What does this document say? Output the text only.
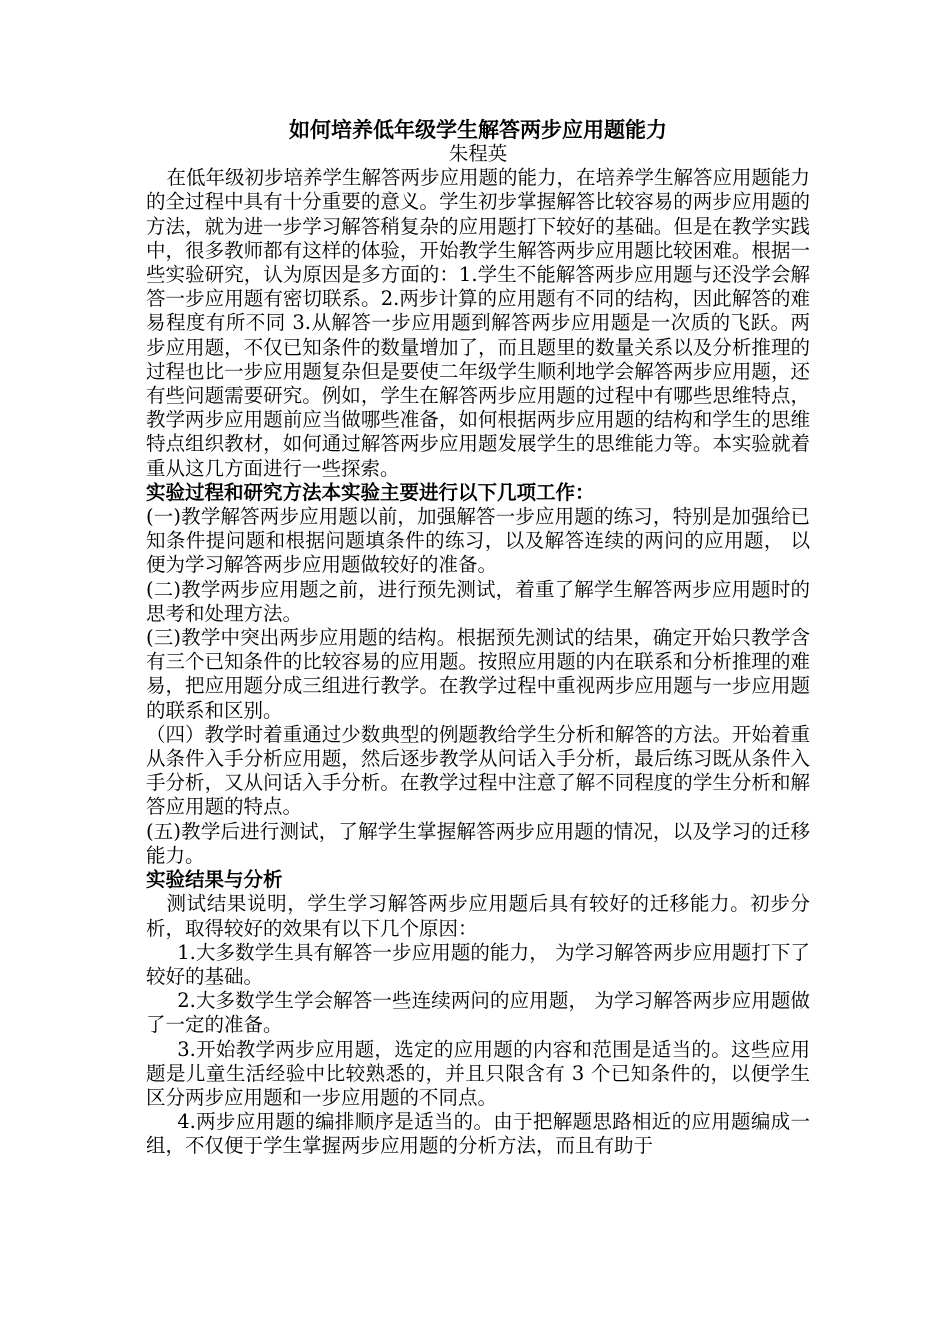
如何培养低年级学生解答两步应用题能力

朱程英

在低年级初步培养学生解答两步应用题的能力，在培养学生解答应用题能力的全过程中具有十分重要的意义。学生初步掌握解答比较容易的两步应用题的方法，就为进一步学习解答稍复杂的应用题打下较好的基础。但是在教学实践中，很多教师都有这样的体验，开始教学生解答两步应用题比较困难。根据一些实验研究，认为原因是多方面的：1.学生不能解答两步应用题与还没学会解答一步应用题有密切联系。2.两步计算的应用题有不同的结构，因此解答的难易程度有所不同 3.从解答一步应用题到解答两步应用题是一次质的飞跃。两步应用题，不仅已知条件的数量增加了，而且题里的数量关系以及分析推理的过程也比一步应用题复杂但是要使二年级学生顺利地学会解答两步应用题，还有些问题需要研究。例如，学生在解答两步应用题的过程中有哪些思维特点，教学两步应用题前应当做哪些准备，如何根据两步应用题的结构和学生的思维特点组织教材，如何通过解答两步应用题发展学生的思维能力等。本实验就着重从这几方面进行一些探索。

实验过程和研究方法本实验主要进行以下几项工作：

(一)教学解答两步应用题以前，加强解答一步应用题的练习，特别是加强给已知条件提问题和根据问题填条件的练习，以及解答连续的两问的应用题， 以便为学习解答两步应用题做较好的准备。

(二)教学两步应用题之前，进行预先测试，着重了解学生解答两步应用题时的思考和处理方法。

(三)教学中突出两步应用题的结构。根据预先测试的结果，确定开始只教学含有三个已知条件的比较容易的应用题。按照应用题的内在联系和分析推理的难易，把应用题分成三组进行教学。在教学过程中重视两步应用题与一步应用题的联系和区别。

（四）教学时着重通过少数典型的例题教给学生分析和解答的方法。开始着重从条件入手分析应用题，然后逐步教学从问话入手分析，最后练习既从条件入手分析，又从问话入手分析。在教学过程中注意了解不同程度的学生分析和解答应用题的特点。

(五)教学后进行测试，了解学生掌握解答两步应用题的情况，以及学习的迁移能力。

实验结果与分析

测试结果说明，学生学习解答两步应用题后具有较好的迁移能力。初步分析，取得较好的效果有以下几个原因：

1.大多数学生具有解答一步应用题的能力， 为学习解答两步应用题打下了较好的基础。

2.大多数学生学会解答一些连续两问的应用题， 为学习解答两步应用题做了一定的准备。

3.开始教学两步应用题，选定的应用题的内容和范围是适当的。这些应用题是儿童生活经验中比较熟悉的，并且只限含有 3 个已知条件的，以便学生区分两步应用题和一步应用题的不同点。

4.两步应用题的编排顺序是适当的。由于把解题思路相近的应用题编成一组，不仅便于学生掌握两步应用题的分析方法，而且有助于
